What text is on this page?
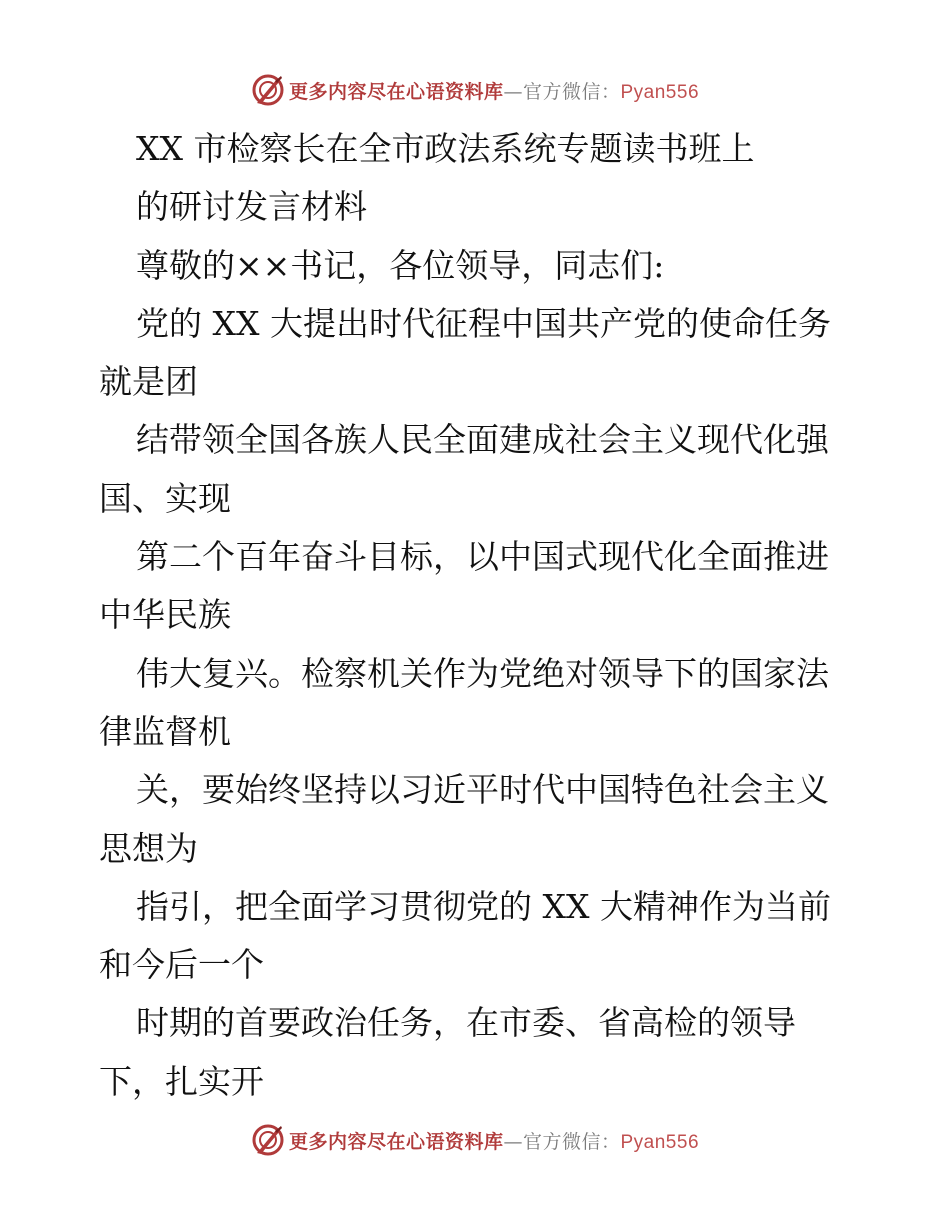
更多内容尽在心语资料库—官方微信：Pyan556
XX 市检察长在全市政法系统专题读书班上
的研讨发言材料
尊敬的××书记，各位领导，同志们:
党的 XX 大提出时代征程中国共产党的使命任务
就是团
结带领全国各族人民全面建成社会主义现代化强
国、实现
第二个百年奋斗目标，以中国式现代化全面推进
中华民族
伟大复兴。检察机关作为党绝对领导下的国家法
律监督机
关，要始终坚持以习近平时代中国特色社会主义
思想为
指引，把全面学习贯彻党的 XX 大精神作为当前
和今后一个
时期的首要政治任务，在市委、省高检的领导
下，扎实开
更多内容尽在心语资料库—官方微信：Pyan556
